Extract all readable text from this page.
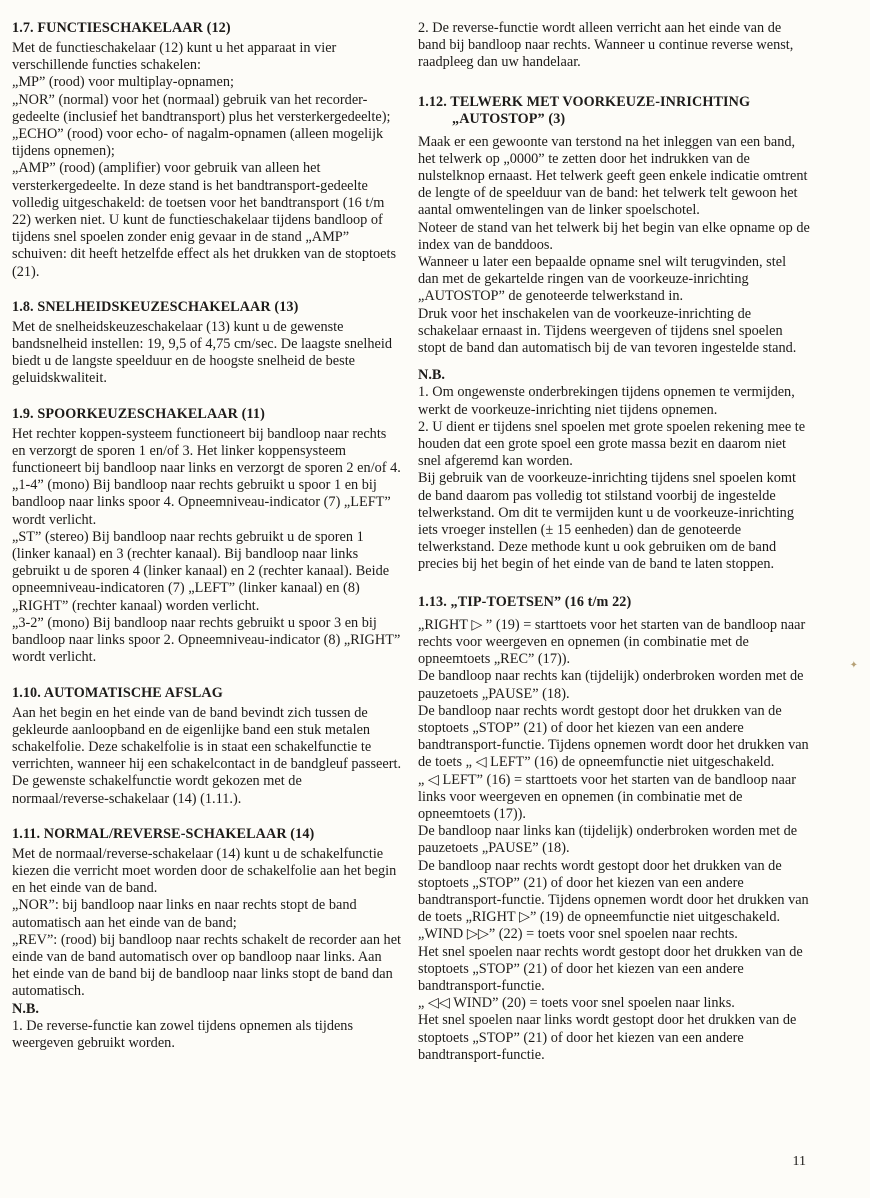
1.7. FUNCTIESCHAKELAAR (12)

Met de functieschakelaar (12) kunt u het apparaat in vier verschillende functies schakelen:

„MP” (rood) voor multiplay-opnamen;

„NOR” (normal) voor het (normaal) gebruik van het recorder-gedeelte (inclusief het bandtransport) plus het versterkergedeelte);

„ECHO” (rood) voor echo- of nagalm-opnamen (alleen mogelijk tijdens opnemen);

„AMP” (rood) (amplifier) voor gebruik van alleen het versterkergedeelte. In deze stand is het bandtransport-gedeelte volledig uitgeschakeld: de toetsen voor het bandtransport (16 t/m 22) werken niet. U kunt de functieschakelaar tijdens bandloop of tijdens snel spoelen zonder enig gevaar in de stand „AMP” schuiven: dit heeft hetzelfde effect als het drukken van de stoptoets (21).

1.8. SNELHEIDSKEUZESCHAKELAAR (13)

Met de snelheidskeuzeschakelaar (13) kunt u de gewenste bandsnelheid instellen: 19, 9,5 of 4,75 cm/sec. De laagste snelheid biedt u de langste speelduur en de hoogste snelheid de beste geluidskwaliteit.

1.9. SPOORKEUZESCHAKELAAR (11)

Het rechter koppen-systeem functioneert bij bandloop naar rechts en verzorgt de sporen 1 en/of 3. Het linker koppensysteem functioneert bij bandloop naar links en verzorgt de sporen 2 en/of 4.

„1-4” (mono) Bij bandloop naar rechts gebruikt u spoor 1 en bij bandloop naar links spoor 4. Opneemniveau-indicator (7) „LEFT” wordt verlicht.

„ST” (stereo) Bij bandloop naar rechts gebruikt u de sporen 1 (linker kanaal) en 3 (rechter kanaal). Bij bandloop naar links gebruikt u de sporen 4 (linker kanaal) en 2 (rechter kanaal). Beide opneemniveau-indicatoren (7) „LEFT” (linker kanaal) en (8) „RIGHT” (rechter kanaal) worden verlicht.

„3-2” (mono) Bij bandloop naar rechts gebruikt u spoor 3 en bij bandloop naar links spoor 2. Opneemniveau-indicator (8) „RIGHT” wordt verlicht.

1.10. AUTOMATISCHE AFSLAG

Aan het begin en het einde van de band bevindt zich tussen de gekleurde aanloopband en de eigenlijke band een stuk metalen schakelfolie. Deze schakelfolie is in staat een schakelfunctie te verrichten, wanneer hij een schakelcontact in de bandgleuf passeert.

De gewenste schakelfunctie wordt gekozen met de normaal/reverse-schakelaar (14) (1.11.).

1.11. NORMAL/REVERSE-SCHAKELAAR (14)

Met de normaal/reverse-schakelaar (14) kunt u de schakelfunctie kiezen die verricht moet worden door de schakelfolie aan het begin en het einde van de band.

„NOR”: bij bandloop naar links en naar rechts stopt de band automatisch aan het einde van de band;

„REV”: (rood) bij bandloop naar rechts schakelt de recorder aan het einde van de band automatisch over op bandloop naar links. Aan het einde van de band bij de bandloop naar links stopt de band dan automatisch.

N.B.

1. De reverse-functie kan zowel tijdens opnemen als tijdens weergeven gebruikt worden.

2. De reverse-functie wordt alleen verricht aan het einde van de band bij bandloop naar rechts. Wanneer u continue reverse wenst, raadpleeg dan uw handelaar.

1.12. TELWERK MET VOORKEUZE-INRICHTING
„AUTOSTOP” (3)

Maak er een gewoonte van terstond na het inleggen van een band, het telwerk op „0000” te zetten door het indrukken van de nulstelknop ernaast. Het telwerk geeft geen enkele indicatie omtrent de lengte of de speelduur van de band: het telwerk telt gewoon het aantal omwentelingen van de linker spoelschotel.

Noteer de stand van het telwerk bij het begin van elke opname op de index van de banddoos.

Wanneer u later een bepaalde opname snel wilt terugvinden, stel dan met de gekartelde ringen van de voorkeuze-inrichting „AUTOSTOP” de genoteerde telwerkstand in.

Druk voor het inschakelen van de voorkeuze-inrichting de schakelaar ernaast in. Tijdens weergeven of tijdens snel spoelen stopt de band dan automatisch bij de van tevoren ingestelde stand.

N.B.

1. Om ongewenste onderbrekingen tijdens opnemen te vermijden, werkt de voorkeuze-inrichting niet tijdens opnemen.

2. U dient er tijdens snel spoelen met grote spoelen rekening mee te houden dat een grote spoel een grote massa bezit en daarom niet snel afgeremd kan worden.

Bij gebruik van de voorkeuze-inrichting tijdens snel spoelen komt de band daarom pas volledig tot stilstand voorbij de ingestelde telwerkstand. Om dit te vermijden kunt u de voorkeuze-inrichting iets vroeger instellen (± 15 eenheden) dan de genoteerde telwerkstand. Deze methode kunt u ook gebruiken om de band precies bij het begin of het einde van de band te laten stoppen.

1.13. „TIP-TOETSEN” (16 t/m 22)

„RIGHT ▷ ” (19) = starttoets voor het starten van de bandloop naar rechts voor weergeven en opnemen (in combinatie met de opneemtoets „REC” (17)).

De bandloop naar rechts kan (tijdelijk) onderbroken worden met de pauzetoets „PAUSE” (18).

De bandloop naar rechts wordt gestopt door het drukken van de stoptoets „STOP” (21) of door het kiezen van een andere bandtransport-functie. Tijdens opnemen wordt door het drukken van de toets „ ◁ LEFT” (16) de opneemfunctie niet uitgeschakeld.

„ ◁ LEFT” (16) = starttoets voor het starten van de bandloop naar links voor weergeven en opnemen (in combinatie met de opneemtoets (17)).

De bandloop naar links kan (tijdelijk) onderbroken worden met de pauzetoets „PAUSE” (18).

De bandloop naar rechts wordt gestopt door het drukken van de stoptoets „STOP” (21) of door het kiezen van een andere bandtransport-functie. Tijdens opnemen wordt door het drukken van de toets „RIGHT ▷” (19) de opneemfunctie niet uitgeschakeld.

„WIND ▷▷” (22) = toets voor snel spoelen naar rechts.

Het snel spoelen naar rechts wordt gestopt door het drukken van de stoptoets „STOP” (21) of door het kiezen van een andere bandtransport-functie.

„ ◁◁ WIND” (20) = toets voor snel spoelen naar links.

Het snel spoelen naar links wordt gestopt door het drukken van de stoptoets „STOP” (21) of door het kiezen van een andere bandtransport-functie.

✦
11
